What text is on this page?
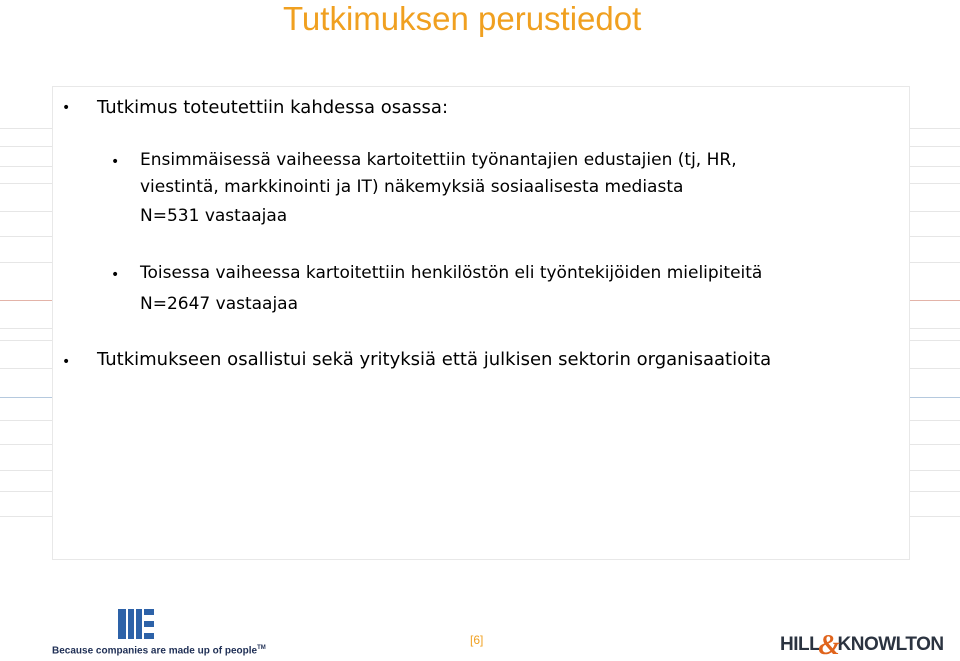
Tutkimuksen perustiedot
• Tutkimus toteutettiin kahdessa osassa:
• Ensimmäisessä vaiheessa kartoitettiin työnantajien edustajien (tj, HR,
viestintä, markkinointi ja IT) näkemyksiä sosiaalisesta mediasta
N=531 vastaajaa
• Toisessa vaiheessa kartoitettiin henkilöstön eli työntekijöiden mielipiteitä
N=2647 vastaajaa
• Tutkimukseen osallistui sekä yrityksiä että julkisen sektorin organisaatioita
Because companies are made up of people™
[6]	HILL&KNOWLTON
